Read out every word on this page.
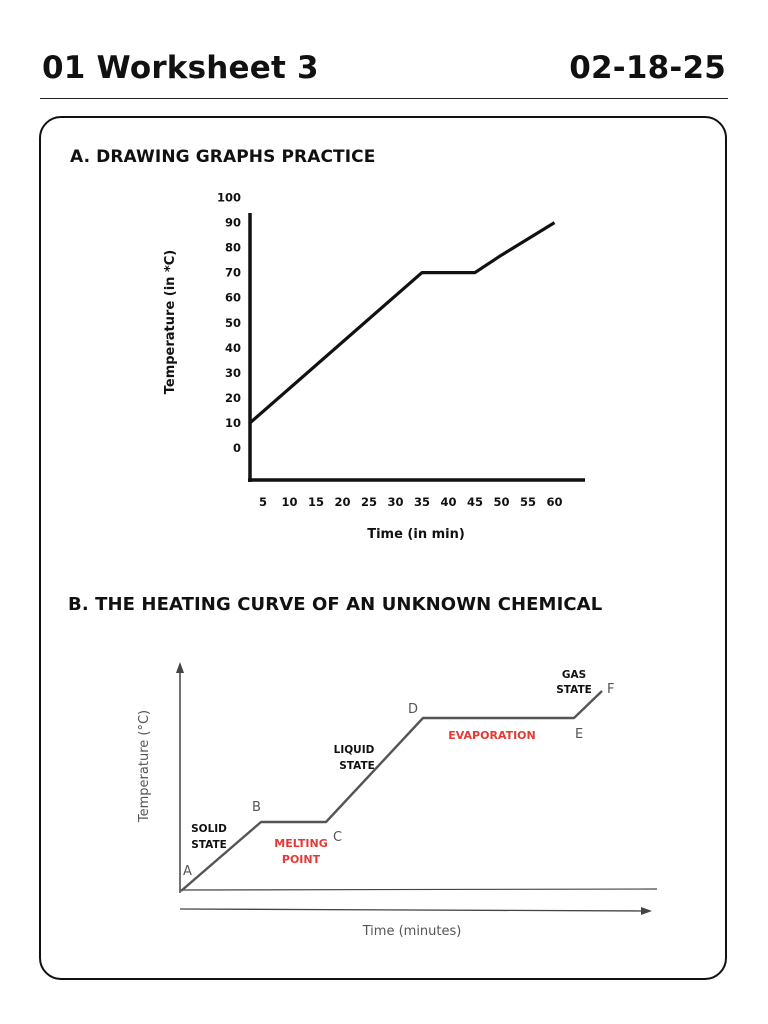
01 Worksheet 3	02-18-25
A. DRAWING GRAPHS PRACTICE
B. THE HEATING CURVE OF AN UNKNOWN CHEMICAL
0
10
20
30
40
50
60
70
80
90
100
5 10 15 20 25 30 35 40 45 50 55 60
Time (in min)
Temperature (in *C)
A
B
C
D
E
F
SOLID
STATE
LIQUID
STATE
GAS
STATE
MELTING
POINT
EVAPORATION
Time (minutes)
Temperature (°C)
